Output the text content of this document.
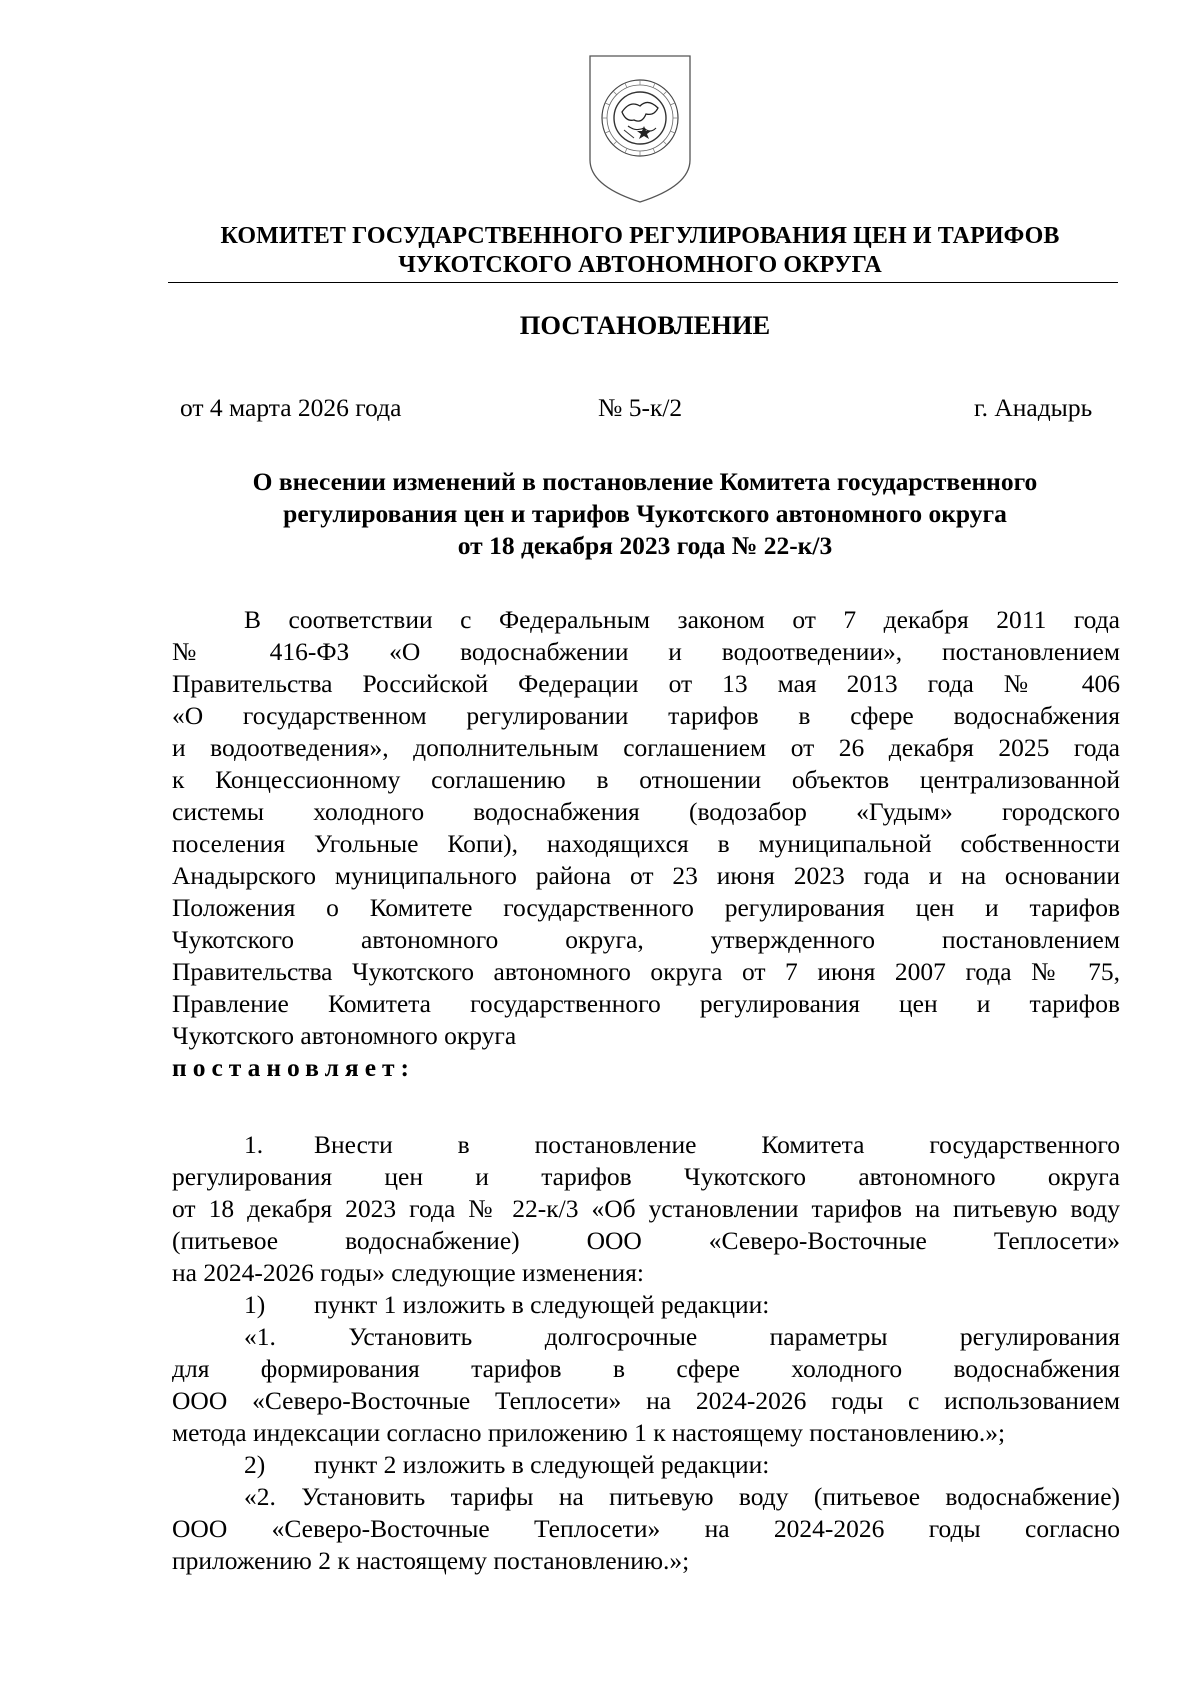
КОМИТЕТ ГОСУДАРСТВЕННОГО РЕГУЛИРОВАНИЯ ЦЕН И ТАРИФОВ
ЧУКОТСКОГО АВТОНОМНОГО ОКРУГА
ПОСТАНОВЛЕНИЕ
от 4 марта 2026 года	№ 5-к/2	г. Анадырь
О внесении изменений в постановление Комитета государственного
регулирования цен и тарифов Чукотского автономного округа
от 18 декабря 2023 года № 22-к/3
В соответствии с Федеральным законом от 7 декабря 2011 года
№ 416-ФЗ «О водоснабжении и водоотведении», постановлением
Правительства Российской Федерации от 13 мая 2013 года № 406
«О государственном регулировании тарифов в сфере водоснабжения
и водоотведения», дополнительным соглашением от 26 декабря 2025 года
к Концессионному соглашению в отношении объектов централизованной
системы холодного водоснабжения (водозабор «Гудым» городского
поселения Угольные Копи), находящихся в муниципальной собственности
Анадырского муниципального района от 23 июня 2023 года и на основании
Положения о Комитете государственного регулирования цен и тарифов
Чукотского автономного округа, утвержденного постановлением
Правительства Чукотского автономного округа от 7 июня 2007 года № 75,
Правление Комитета государственного регулирования цен и тарифов
Чукотского автономного округа
постановляет:
1. Внести в постановление Комитета государственного
регулирования цен и тарифов Чукотского автономного округа
от 18 декабря 2023 года № 22-к/3 «Об установлении тарифов на питьевую воду
(питьевое водоснабжение) ООО «Северо-Восточные Теплосети»
на 2024-2026 годы» следующие изменения:
1) пункт 1 изложить в следующей редакции:
«1. Установить долгосрочные параметры регулирования
для формирования тарифов в сфере холодного водоснабжения
ООО «Северо-Восточные Теплосети» на 2024-2026 годы с использованием
метода индексации согласно приложению 1 к настоящему постановлению.»;
2) пункт 2 изложить в следующей редакции:
«2. Установить тарифы на питьевую воду (питьевое водоснабжение)
ООО «Северо-Восточные Теплосети» на 2024-2026 годы согласно
приложению 2 к настоящему постановлению.»;
